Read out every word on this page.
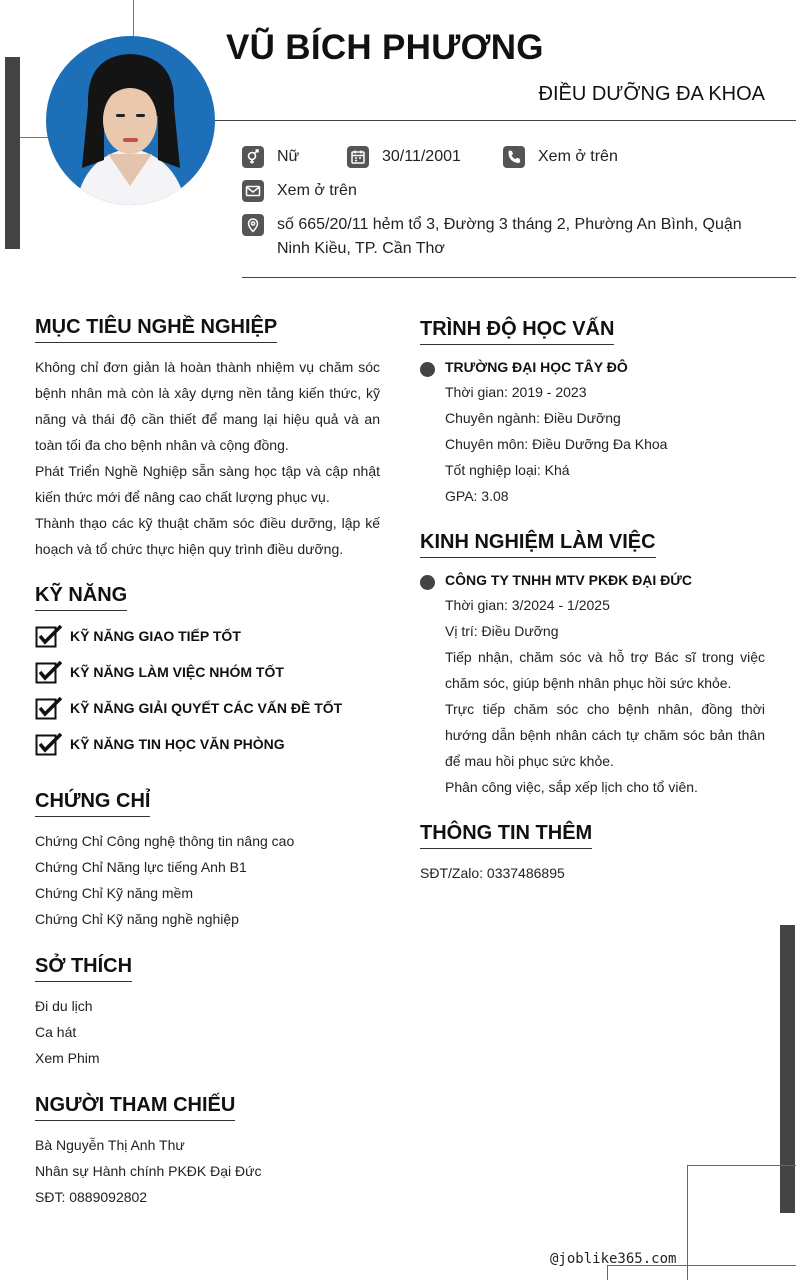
VŨ BÍCH PHƯƠNG
ĐIỀU DƯỠNG ĐA KHOA
Nữ	30/11/2001	Xem ở trên
Xem ở trên
số 665/20/11 hẻm tổ 3, Đường 3 tháng 2, Phường An Bình, Quận Ninh Kiều, TP. Cần Thơ
MỤC TIÊU NGHỀ NGHIỆP
Không chỉ đơn giản là hoàn thành nhiệm vụ chăm sóc bệnh nhân mà còn là xây dựng nền tảng kiến thức, kỹ năng và thái độ cần thiết để mang lại hiệu quả và an toàn tối đa cho bệnh nhân và cộng đồng.
Phát Triển Nghề Nghiệp sẵn sàng học tập và cập nhật kiến thức mới để nâng cao chất lượng phục vụ.
Thành thạo các kỹ thuật chăm sóc điều dưỡng, lập kế hoạch và tổ chức thực hiện quy trình điều dưỡng.
KỸ NĂNG
KỸ NĂNG GIAO TIẾP TỐT
KỸ NĂNG LÀM VIỆC NHÓM TỐT
KỸ NĂNG GIẢI QUYẾT CÁC VẤN ĐỀ TỐT
KỸ NĂNG TIN HỌC VĂN PHÒNG
CHỨNG CHỈ
Chứng Chỉ Công nghệ thông tin nâng cao
Chứng Chỉ Năng lực tiếng Anh B1
Chứng Chỉ Kỹ năng mềm
Chứng Chỉ Kỹ năng nghề nghiệp
SỞ THÍCH
Đi du lịch
Ca hát
Xem Phim
NGƯỜI THAM CHIẾU
Bà Nguyễn Thị Anh Thư
Nhân sự Hành chính PKĐK Đại Đức
SĐT: 0889092802
TRÌNH ĐỘ HỌC VẤN
TRƯỜNG ĐẠI HỌC TÂY ĐÔ
Thời gian: 2019 - 2023
Chuyên ngành: Điều Dưỡng
Chuyên môn: Điều Dưỡng Đa Khoa
Tốt nghiệp loại: Khá
GPA: 3.08
KINH NGHIỆM LÀM VIỆC
CÔNG TY TNHH MTV PKĐK ĐẠI ĐỨC
Thời gian: 3/2024 - 1/2025
Vị trí: Điều Dưỡng
Tiếp nhận, chăm sóc và hỗ trợ Bác sĩ trong việc chăm sóc, giúp bệnh nhân phục hồi sức khỏe.
Trực tiếp chăm sóc cho bệnh nhân, đồng thời hướng dẫn bệnh nhân cách tự chăm sóc bản thân để mau hồi phục sức khỏe.
Phân công việc, sắp xếp lịch cho tổ viên.
THÔNG TIN THÊM
SĐT/Zalo: 0337486895
@joblike365.com
